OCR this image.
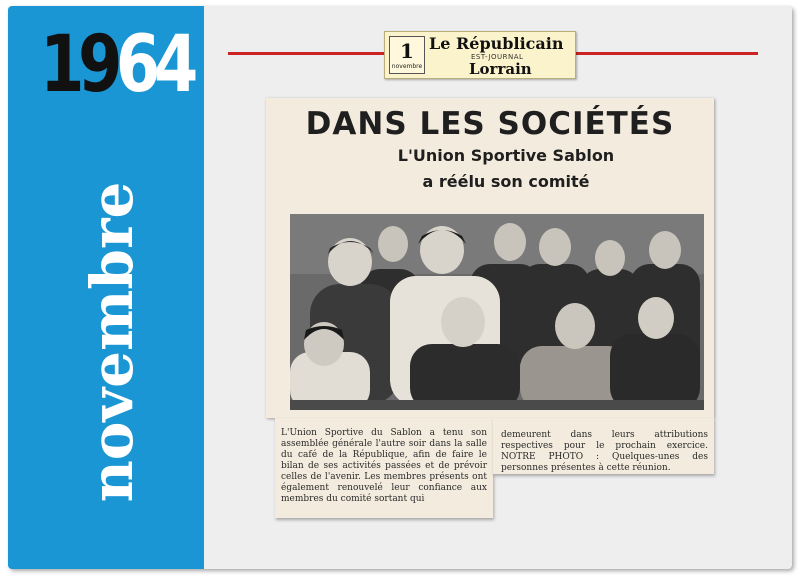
1964
novembre
1
novembre
Le Républicain
EST-JOURNAL
Lorrain
DANS LES SOCIÉTÉS
L'Union Sportive Sablon
a réélu son comité

L'Union Sportive du Sablon a tenu son assemblée générale l'autre soir dans la salle du café de la République, afin de faire le bilan de ses activités passées et de prévoir celles de l'avenir. Les membres présents ont également renouvelé leur confiance aux membres du comité sortant qui

demeurent dans leurs attributions respectives pour le prochain exercice. NOTRE PHOTO : Quelques-unes des personnes présentes à cette réunion.
